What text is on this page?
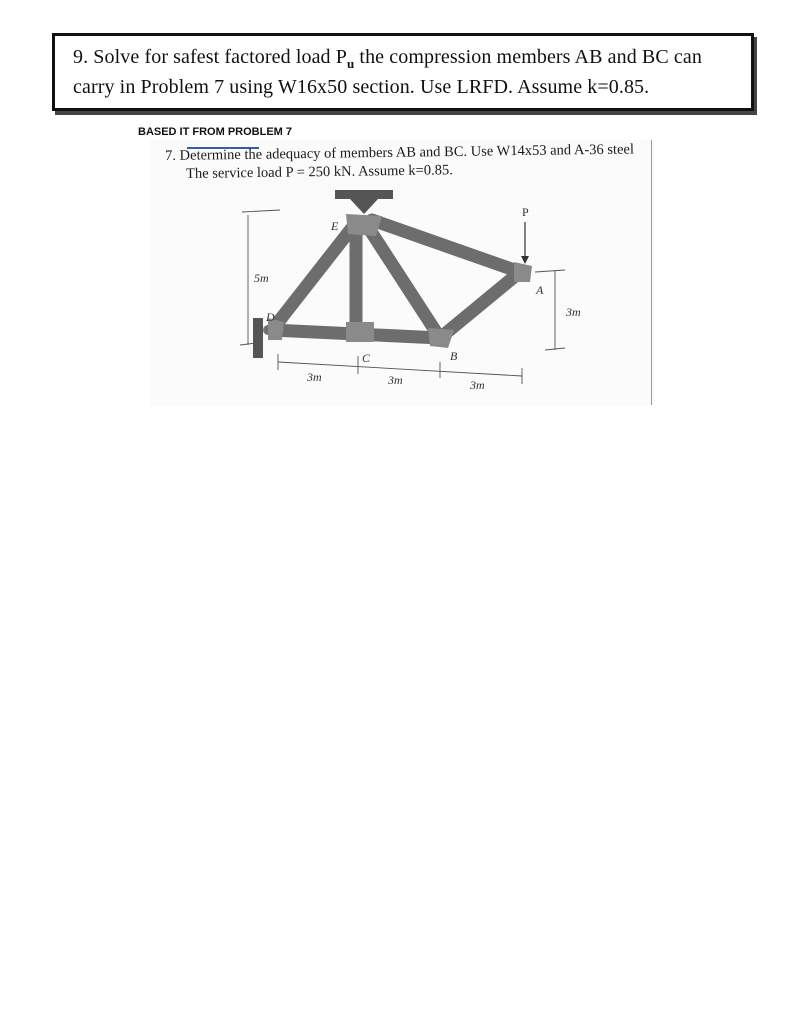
9. Solve for safest factored load $P_u$ the compression members AB and BC can
carry in Problem 7 using W16x50 section. Use LRFD. Assume k=0.85.
BASED IT FROM PROBLEM 7
7. Determine the adequacy of members AB and BC. Use W14x53 and A-36 steel
The service load P = 250 kN. Assume k=0.85.
P
E
D
C	B
A
5m
3m
3m	3m	3m
